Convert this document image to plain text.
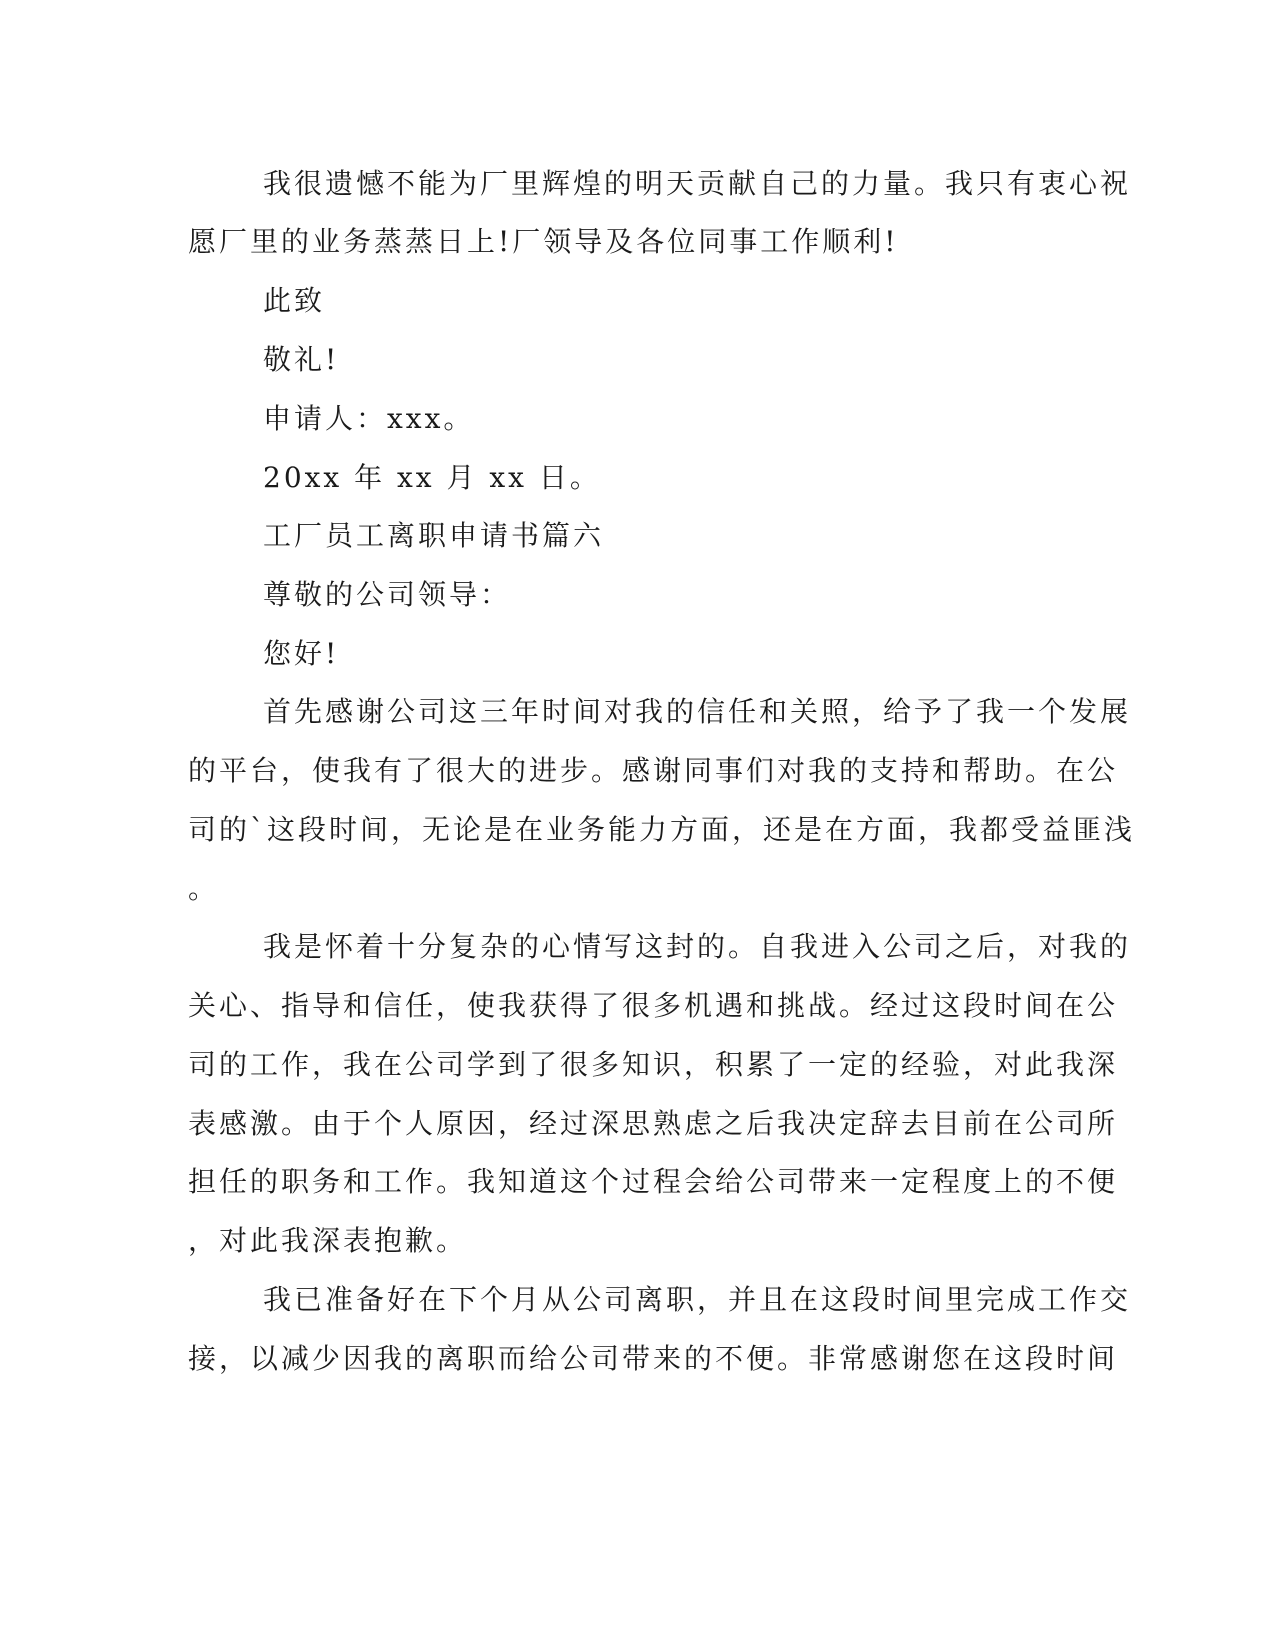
我很遗憾不能为厂里辉煌的明天贡献自己的力量。我只有衷心祝
愿厂里的业务蒸蒸日上!厂领导及各位同事工作顺利!
此致
敬礼!
申请人：xxx。
20xx 年 xx 月 xx 日。
工厂员工离职申请书篇六
尊敬的公司领导：
您好!
首先感谢公司这三年时间对我的信任和关照，给予了我一个发展
的平台，使我有了很大的进步。感谢同事们对我的支持和帮助。在公
司的`这段时间，无论是在业务能力方面，还是在方面，我都受益匪浅
。
我是怀着十分复杂的心情写这封的。自我进入公司之后，对我的
关心、指导和信任，使我获得了很多机遇和挑战。经过这段时间在公
司的工作，我在公司学到了很多知识，积累了一定的经验，对此我深
表感激。由于个人原因，经过深思熟虑之后我决定辞去目前在公司所
担任的职务和工作。我知道这个过程会给公司带来一定程度上的不便
，对此我深表抱歉。
我已准备好在下个月从公司离职，并且在这段时间里完成工作交
接，以减少因我的离职而给公司带来的不便。非常感谢您在这段时间
